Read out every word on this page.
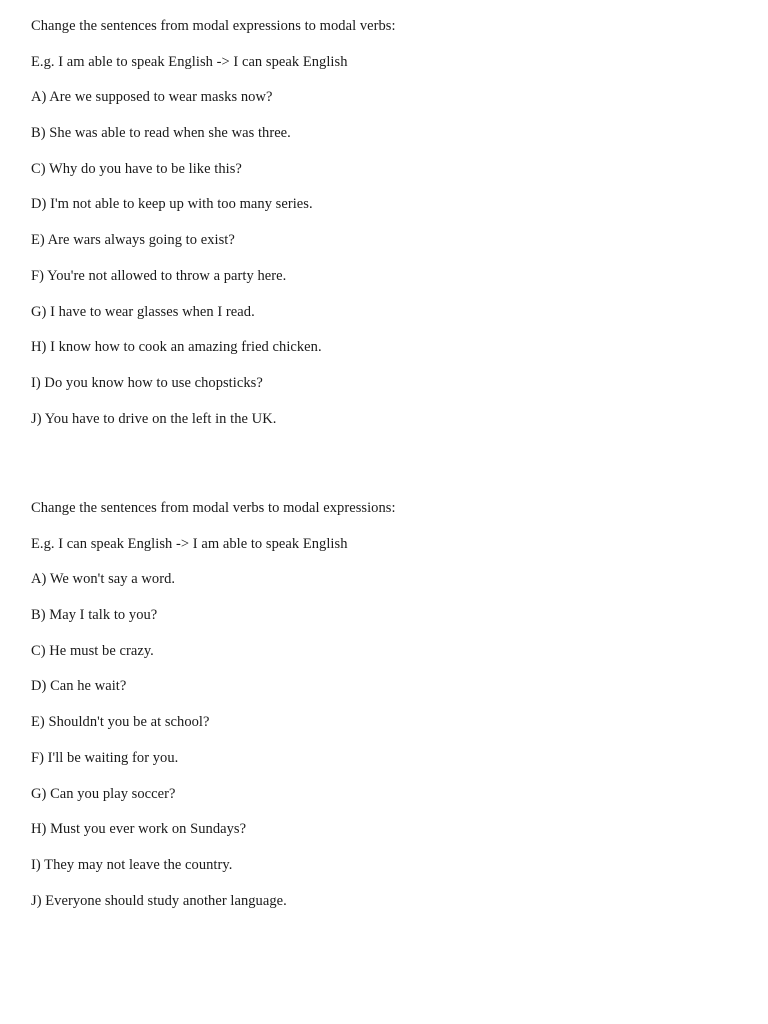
Change the sentences from modal expressions to modal verbs:

E.g. I am able to speak English -> I can speak English

A) Are we supposed to wear masks now?

B) She was able to read when she was three.

C) Why do you have to be like this?

D) I'm not able to keep up with too many series.

E) Are wars always going to exist?

F) You're not allowed to throw a party here.

G) I have to wear glasses when I read.

H) I know how to cook an amazing fried chicken.

I) Do you know how to use chopsticks?

J) You have to drive on the left in the UK.

Change the sentences from modal verbs to modal expressions:

E.g. I can speak English -> I am able to speak English

A) We won't say a word.

B) May I talk to you?

C) He must be crazy.

D) Can he wait?

E) Shouldn't you be at school?

F) I'll be waiting for you.

G) Can you play soccer?

H) Must you ever work on Sundays?

I) They may not leave the country.

J) Everyone should study another language.
